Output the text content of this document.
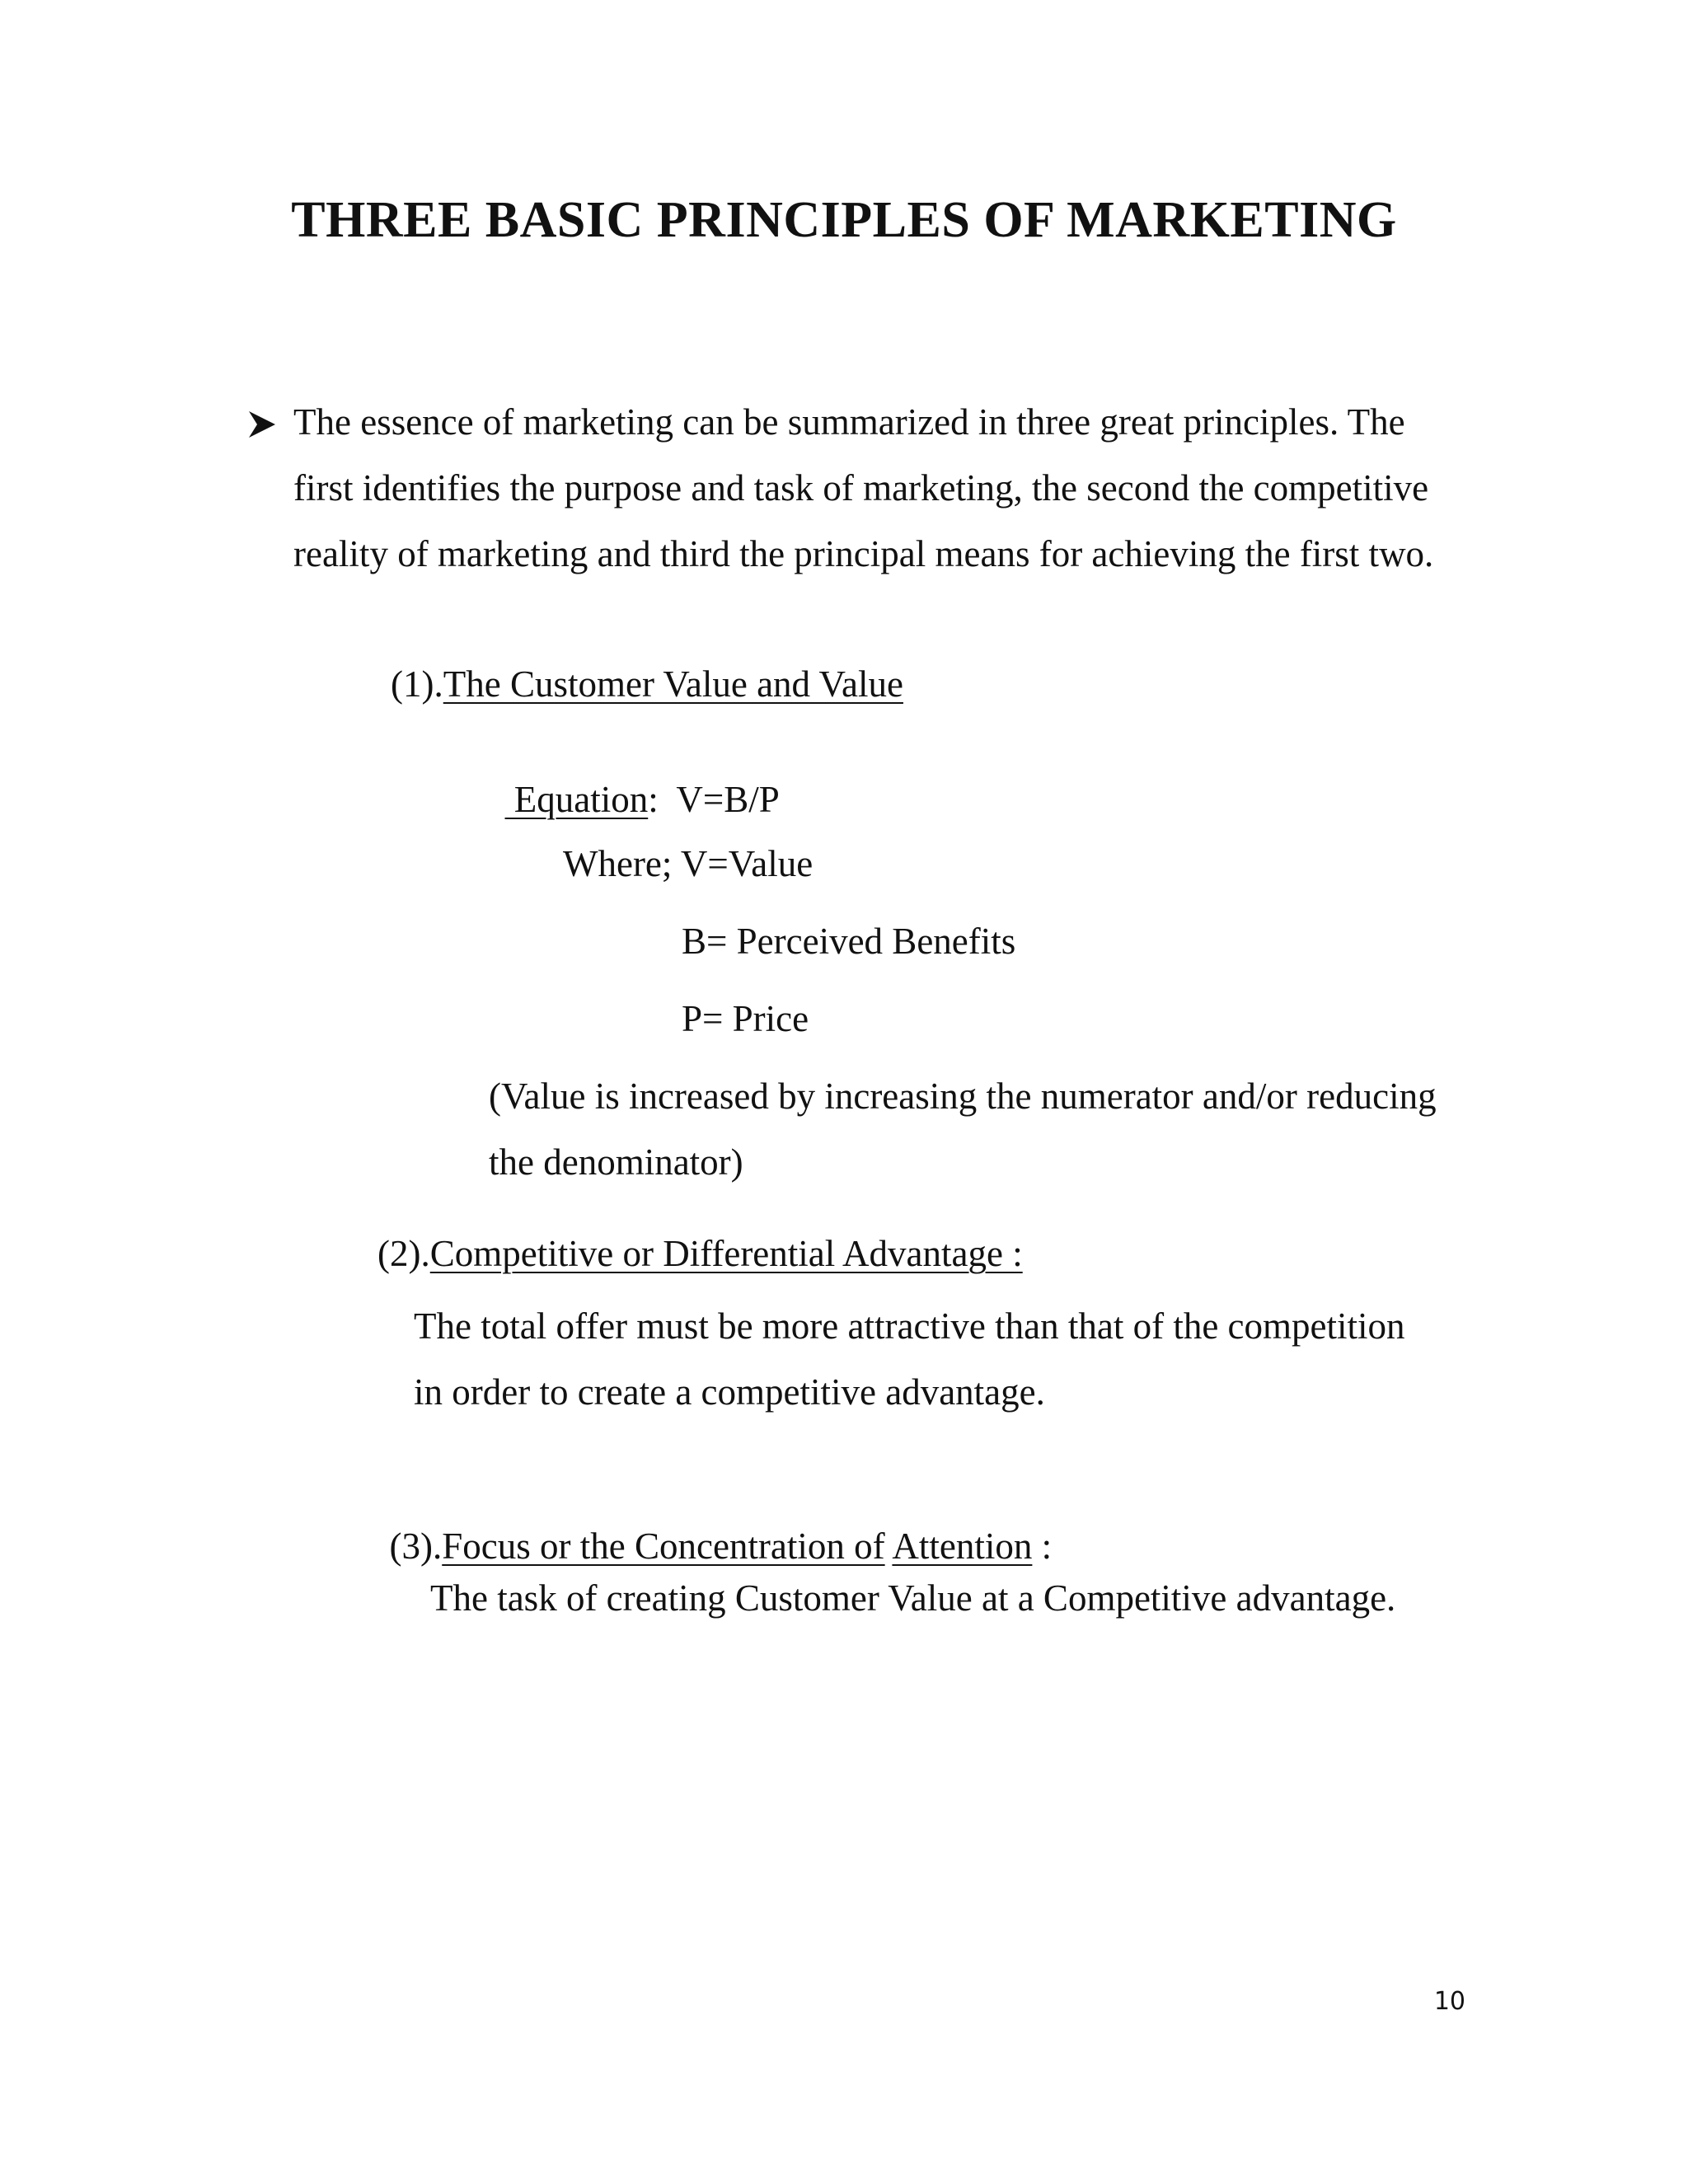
THREE BASIC PRINCIPLES OF MARKETING
The essence of marketing can be summarized in three great principles. The
first identifies the purpose and task of marketing, the second the competitive
reality of marketing and third the principal means for achieving the first two.
(1).The Customer Value and Value

Equation:  V=B/P

Where; V=Value
B= Perceived Benefits
P= Price
(Value is increased by increasing the numerator and/or reducing
the denominator)
(2).Competitive or Differential Advantage :
The total offer must be more attractive than that of the competition
in order to create a competitive advantage.

(3).Focus or the Concentration of Attention :

The task of creating Customer Value at a Competitive advantage.
10
